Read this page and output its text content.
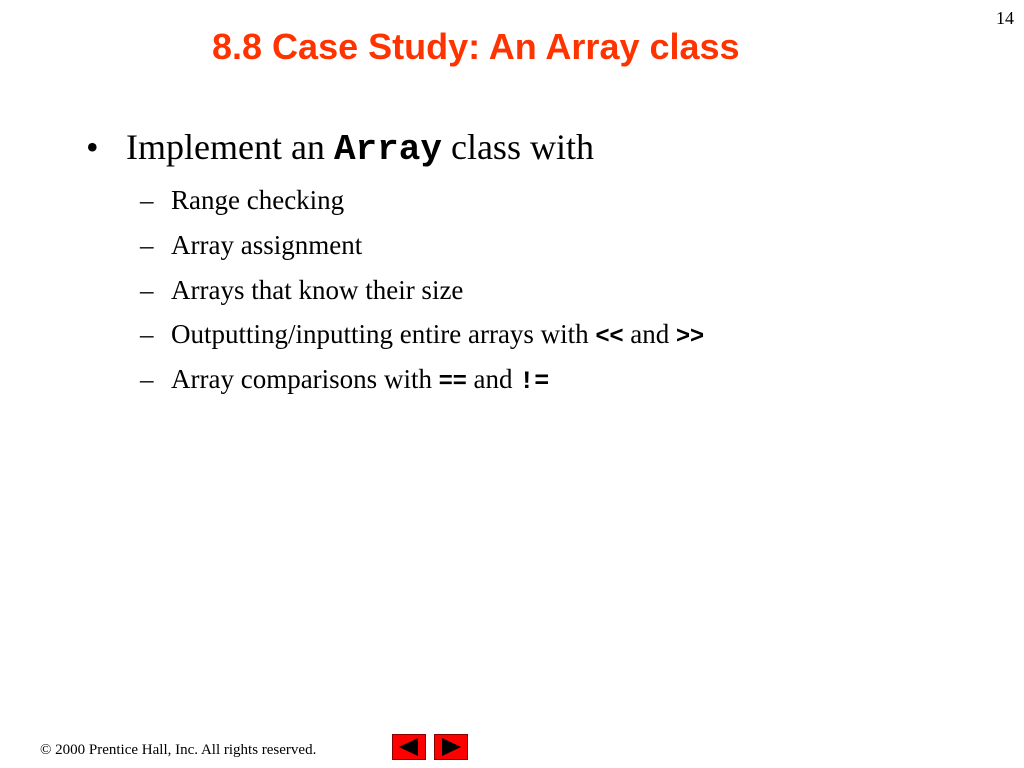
14
8.8 Case Study: An Array class
• Implement an Array class with
– Range checking
– Array assignment
– Arrays that know their size
– Outputting/inputting entire arrays with << and >>
– Array comparisons with == and !=
© 2000 Prentice Hall, Inc. All rights reserved.
